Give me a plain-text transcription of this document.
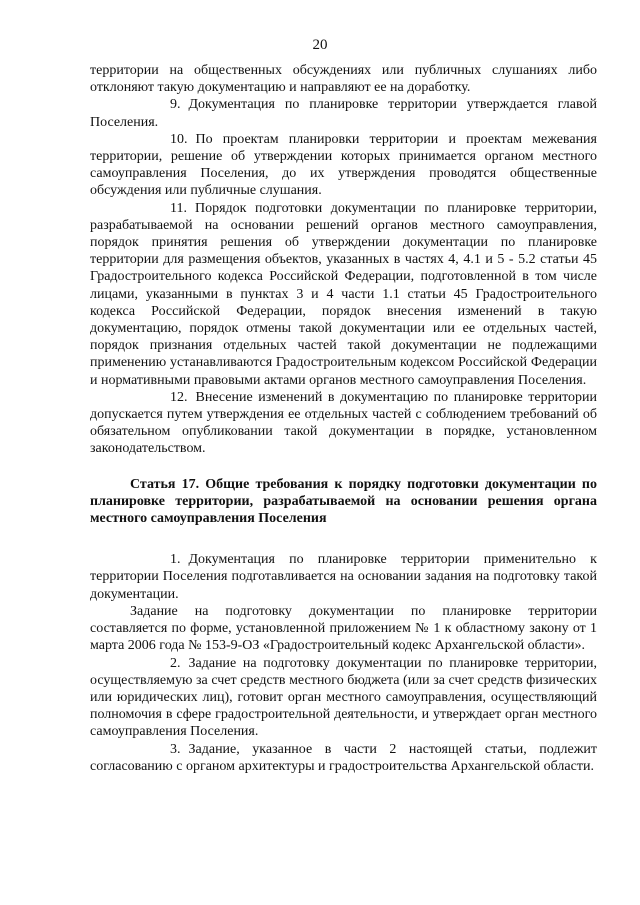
20

территории на общественных обсуждениях или публичных слушаниях либо отклоняют такую документацию и направляют ее на доработку.

9. Документация по планировке территории утверждается главой Поселения.

10. По проектам планировки территории и проектам межевания территории, решение об утверждении которых принимается органом местного самоуправления Поселения, до их утверждения проводятся общественные обсуждения или публичные слушания.

11. Порядок подготовки документации по планировке территории, разрабатываемой на основании решений органов местного самоуправления, порядок принятия решения об утверждении документации по планировке территории для размещения объектов, указанных в частях 4, 4.1 и 5 - 5.2 статьи 45 Градостроительного кодекса Российской Федерации, подготовленной в том числе лицами, указанными в пунктах 3 и 4 части 1.1 статьи 45 Градостроительного кодекса Российской Федерации, порядок внесения изменений в такую документацию, порядок отмены такой документации или ее отдельных частей, порядок признания отдельных частей такой документации не подлежащими применению устанавливаются Градостроительным кодексом Российской Федерации и нормативными правовыми актами органов местного самоуправления Поселения.

12. Внесение изменений в документацию по планировке территории допускается путем утверждения ее отдельных частей с соблюдением требований об обязательном опубликовании такой документации в порядке, установленном законодательством.

Статья 17. Общие требования к порядку подготовки документации по планировке территории, разрабатываемой на основании решения органа местного самоуправления Поселения

1. Документация по планировке территории применительно к территории Поселения подготавливается на основании задания на подготовку такой документации.

Задание на подготовку документации по планировке территории составляется по форме, установленной приложением № 1 к областному закону от 1 марта 2006 года № 153-9-ОЗ «Градостроительный кодекс Архангельской области».

2. Задание на подготовку документации по планировке территории, осуществляемую за счет средств местного бюджета (или за счет средств физических или юридических лиц), готовит орган местного самоуправления, осуществляющий полномочия в сфере градостроительной деятельности, и утверждает орган местного самоуправления Поселения.

3. Задание, указанное в части 2 настоящей статьи, подлежит согласованию с органом архитектуры и градостроительства Архангельской области.
